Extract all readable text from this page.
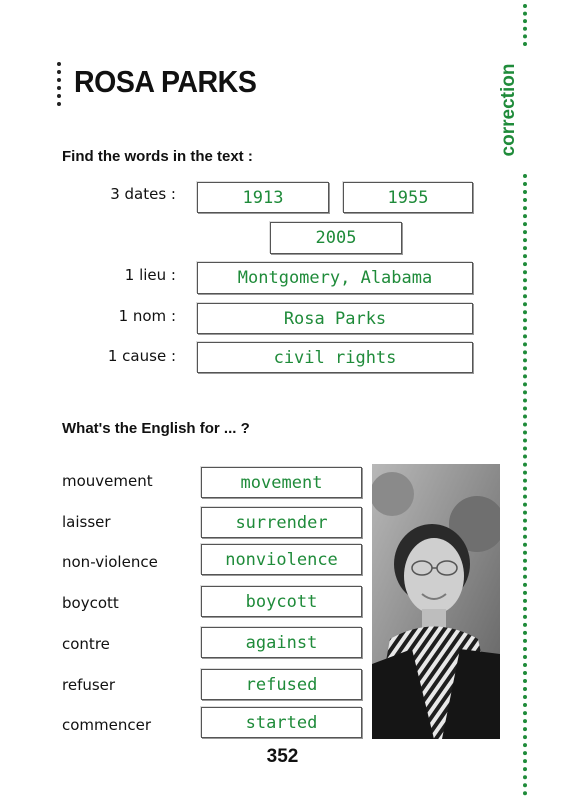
ROSA PARKS	correction
Find the words in the text :
3 dates :	1913	1955
2005
1 lieu :	Montgomery, Alabama
1 nom :	Rosa Parks
1 cause :	civil rights
What's the English for ... ?
mouvement	movement
laisser	surrender
non-violence	nonviolence
boycott	boycott
contre	against
refuser	refused
commencer	started
352
